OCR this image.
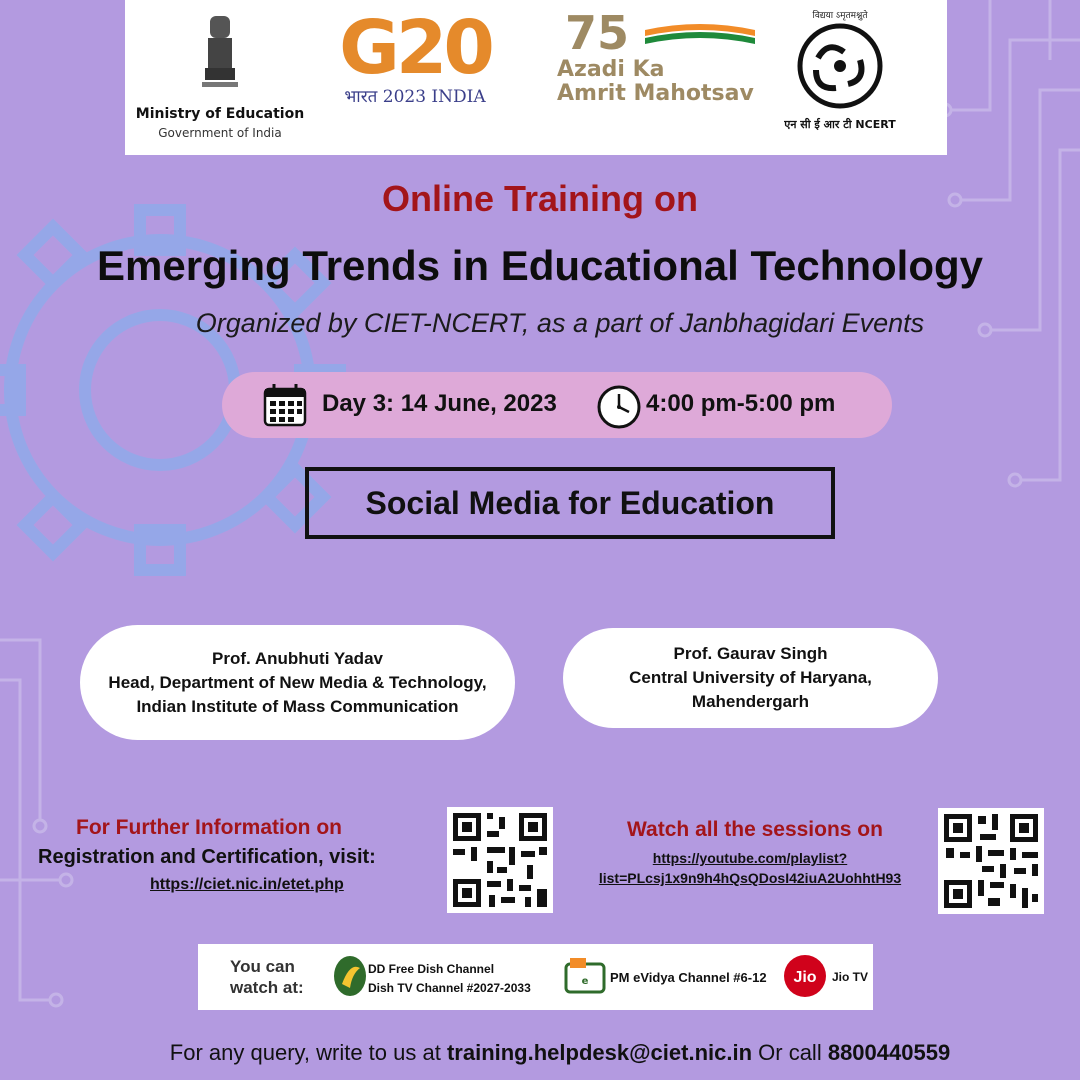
Ministry of Education
Government of India
G20
भारत 2023 INDIA
75
Azadi Ka
Amrit Mahotsav
विद्यया ऽमृतमश्नुते
एन सी ई आर टी NCERT
Online Training on
Emerging Trends in Educational Technology
Organized by CIET-NCERT, as a part of Janbhagidari Events
Day 3: 14 June, 2023	4:00 pm-5:00 pm
Social Media for Education
Prof. Anubhuti Yadav
Head, Department of New Media & Technology,
Indian Institute of Mass Communication
Prof. Gaurav Singh
Central University of Haryana,
Mahendergarh
For Further Information on
Registration and Certification, visit:
https://ciet.nic.in/etet.php
Watch all the sessions on
https://youtube.com/playlist?
list=PLcsj1x9n9h4hQsQDosI42iuA2UohhtH93
You can
watch at:
DD Free Dish Channel
Dish TV Channel #2027-2033	e PM eVidya Channel #6-12 Jio Jio TV
For any query, write to us at training.helpdesk@ciet.nic.in Or call 8800440559
